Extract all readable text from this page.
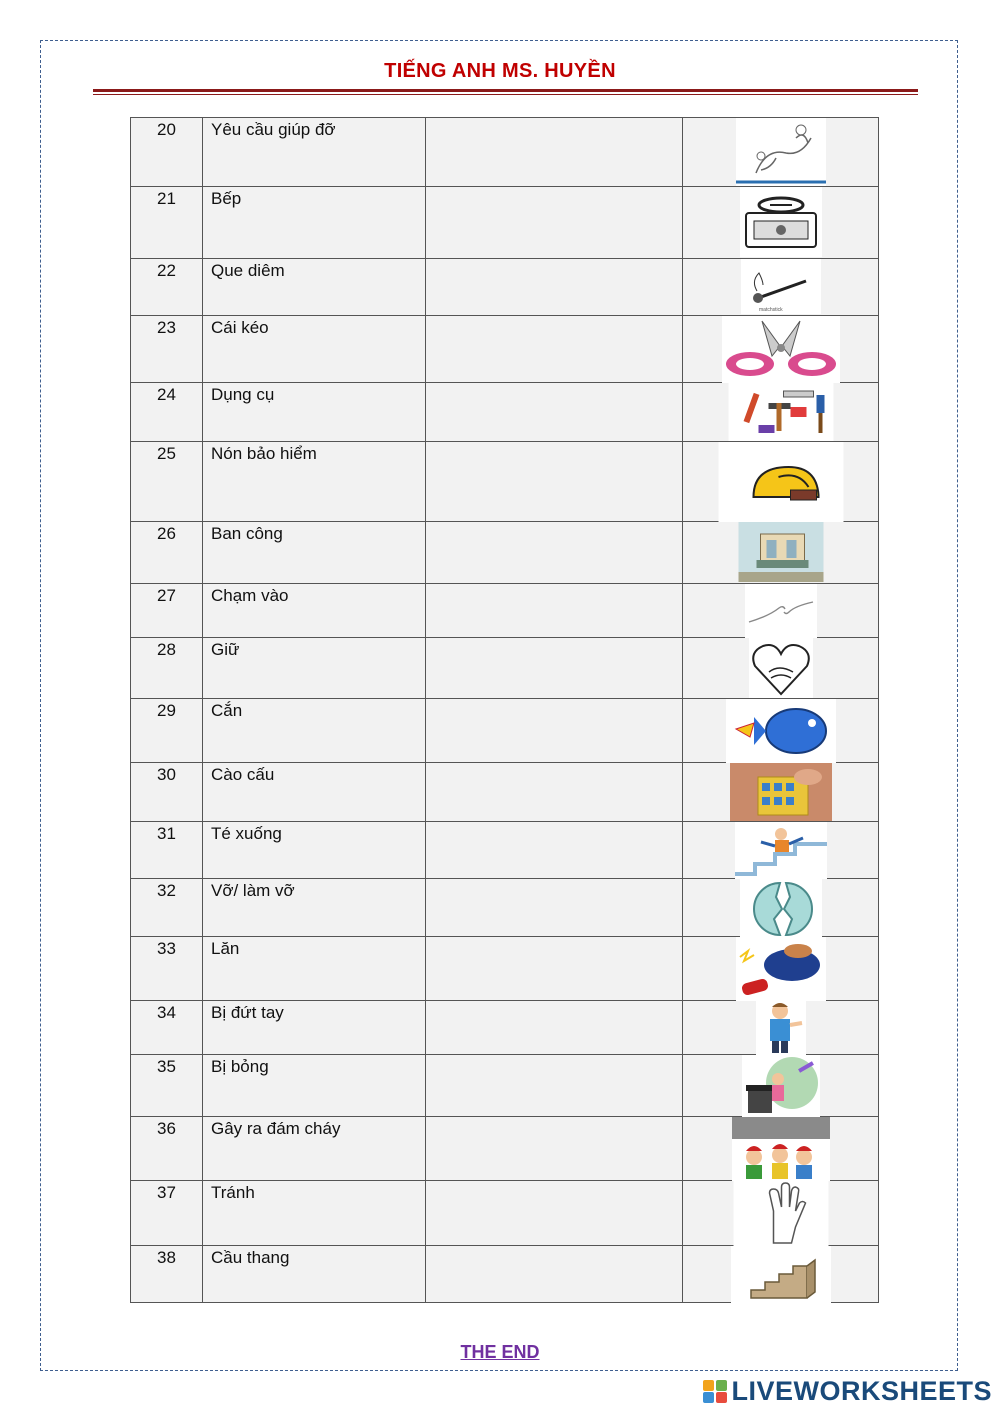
TIẾNG ANH MS. HUYỀN
20	Yêu cầu giúp đỡ		

21	Bếp		

22	Que diêm		matchstick

23	Cái kéo		

24	Dụng cụ		

25	Nón bảo hiểm		

26	Ban công		

27	Chạm vào		

28	Giữ		

29	Cắn		

30	Cào cấu		

31	Té xuống		

32	Vỡ/ làm vỡ		

33	Lăn		

34	Bị đứt tay		

35	Bị bỏng		

36	Gây ra đám cháy		

37	Tránh		

38	Cầu thang		
THE END
LIVEWORKSHEETS
